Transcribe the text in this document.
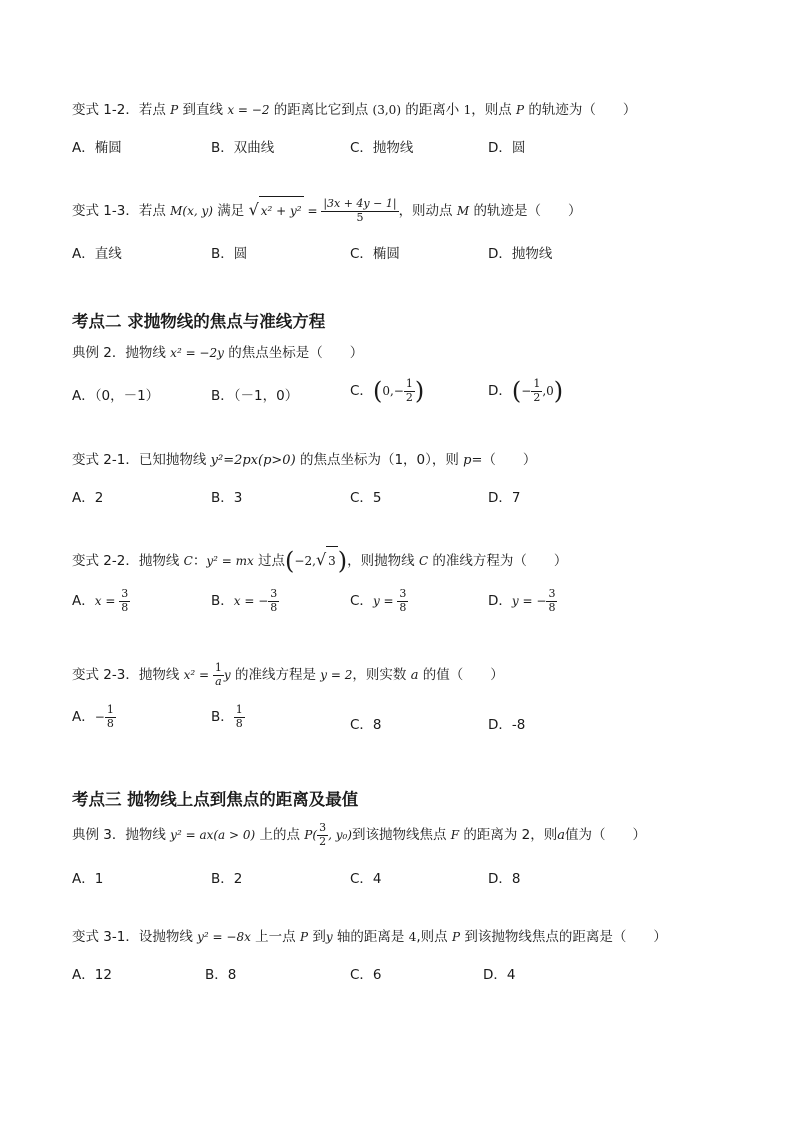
变式 1-2．若点 P 到直线 x = −2 的距离比它到点 (3,0) 的距离小 1，则点 P 的轨迹为（　　）
A．椭圆	B．双曲线	C．抛物线	D．圆
变式 1-3．若点 M(x, y) 满足 √ $x^2 + y^2 = \frac{|3x + 4y - 1|}{5}$ ，则动点 M 的轨迹是（　　）
A．直线	B．圆	C．椭圆	D．抛物线
考点二 求抛物线的焦点与准线方程
典例 2．抛物线 x² = −2y 的焦点坐标是（　　）
A．（0，－1）	B．（－1，0）	C．($0,- \frac{1}{2}$ )	D．(− $\frac{1}{2} ,0$)
变式 2-1．已知抛物线 y²=2px(p>0) 的焦点坐标为（1，0），则 p=（　　）
A．2	B．3	C．5	D．7
变式 2-2．抛物线 C：y² = mx 过点(−2,√ 3)，则抛物线 C 的准线方程为（　　）
A．$x = \frac{3}{8}$	B．x = − $\frac{3}{8}$	C．$y = \frac{3}{8}$	D．y = − $\frac{3}{8}$
变式 2-3．抛物线 $x^2 = \frac{1}{a}$ y 的准线方程是 y = 2，则实数 a 的值（　　）
A．− $\frac{1}{8}$	B． $\frac{1}{8}$	C．8	D．-8
考点三 抛物线上点到焦点的距离及最值
典例 3．抛物线 y² = ax(a > 0) 上的点 $P( \frac{3}{2}$ , y₀)到该抛物线焦点 F 的距离为 2，则a值为（　　）
A．1	B．2	C．4	D．8
变式 3-1．设抛物线 y² = −8x 上一点 P 到y 轴的距离是 4,则点 P 到该抛物线焦点的距离是（　　）
A．12	B．8	C．6	D．4
